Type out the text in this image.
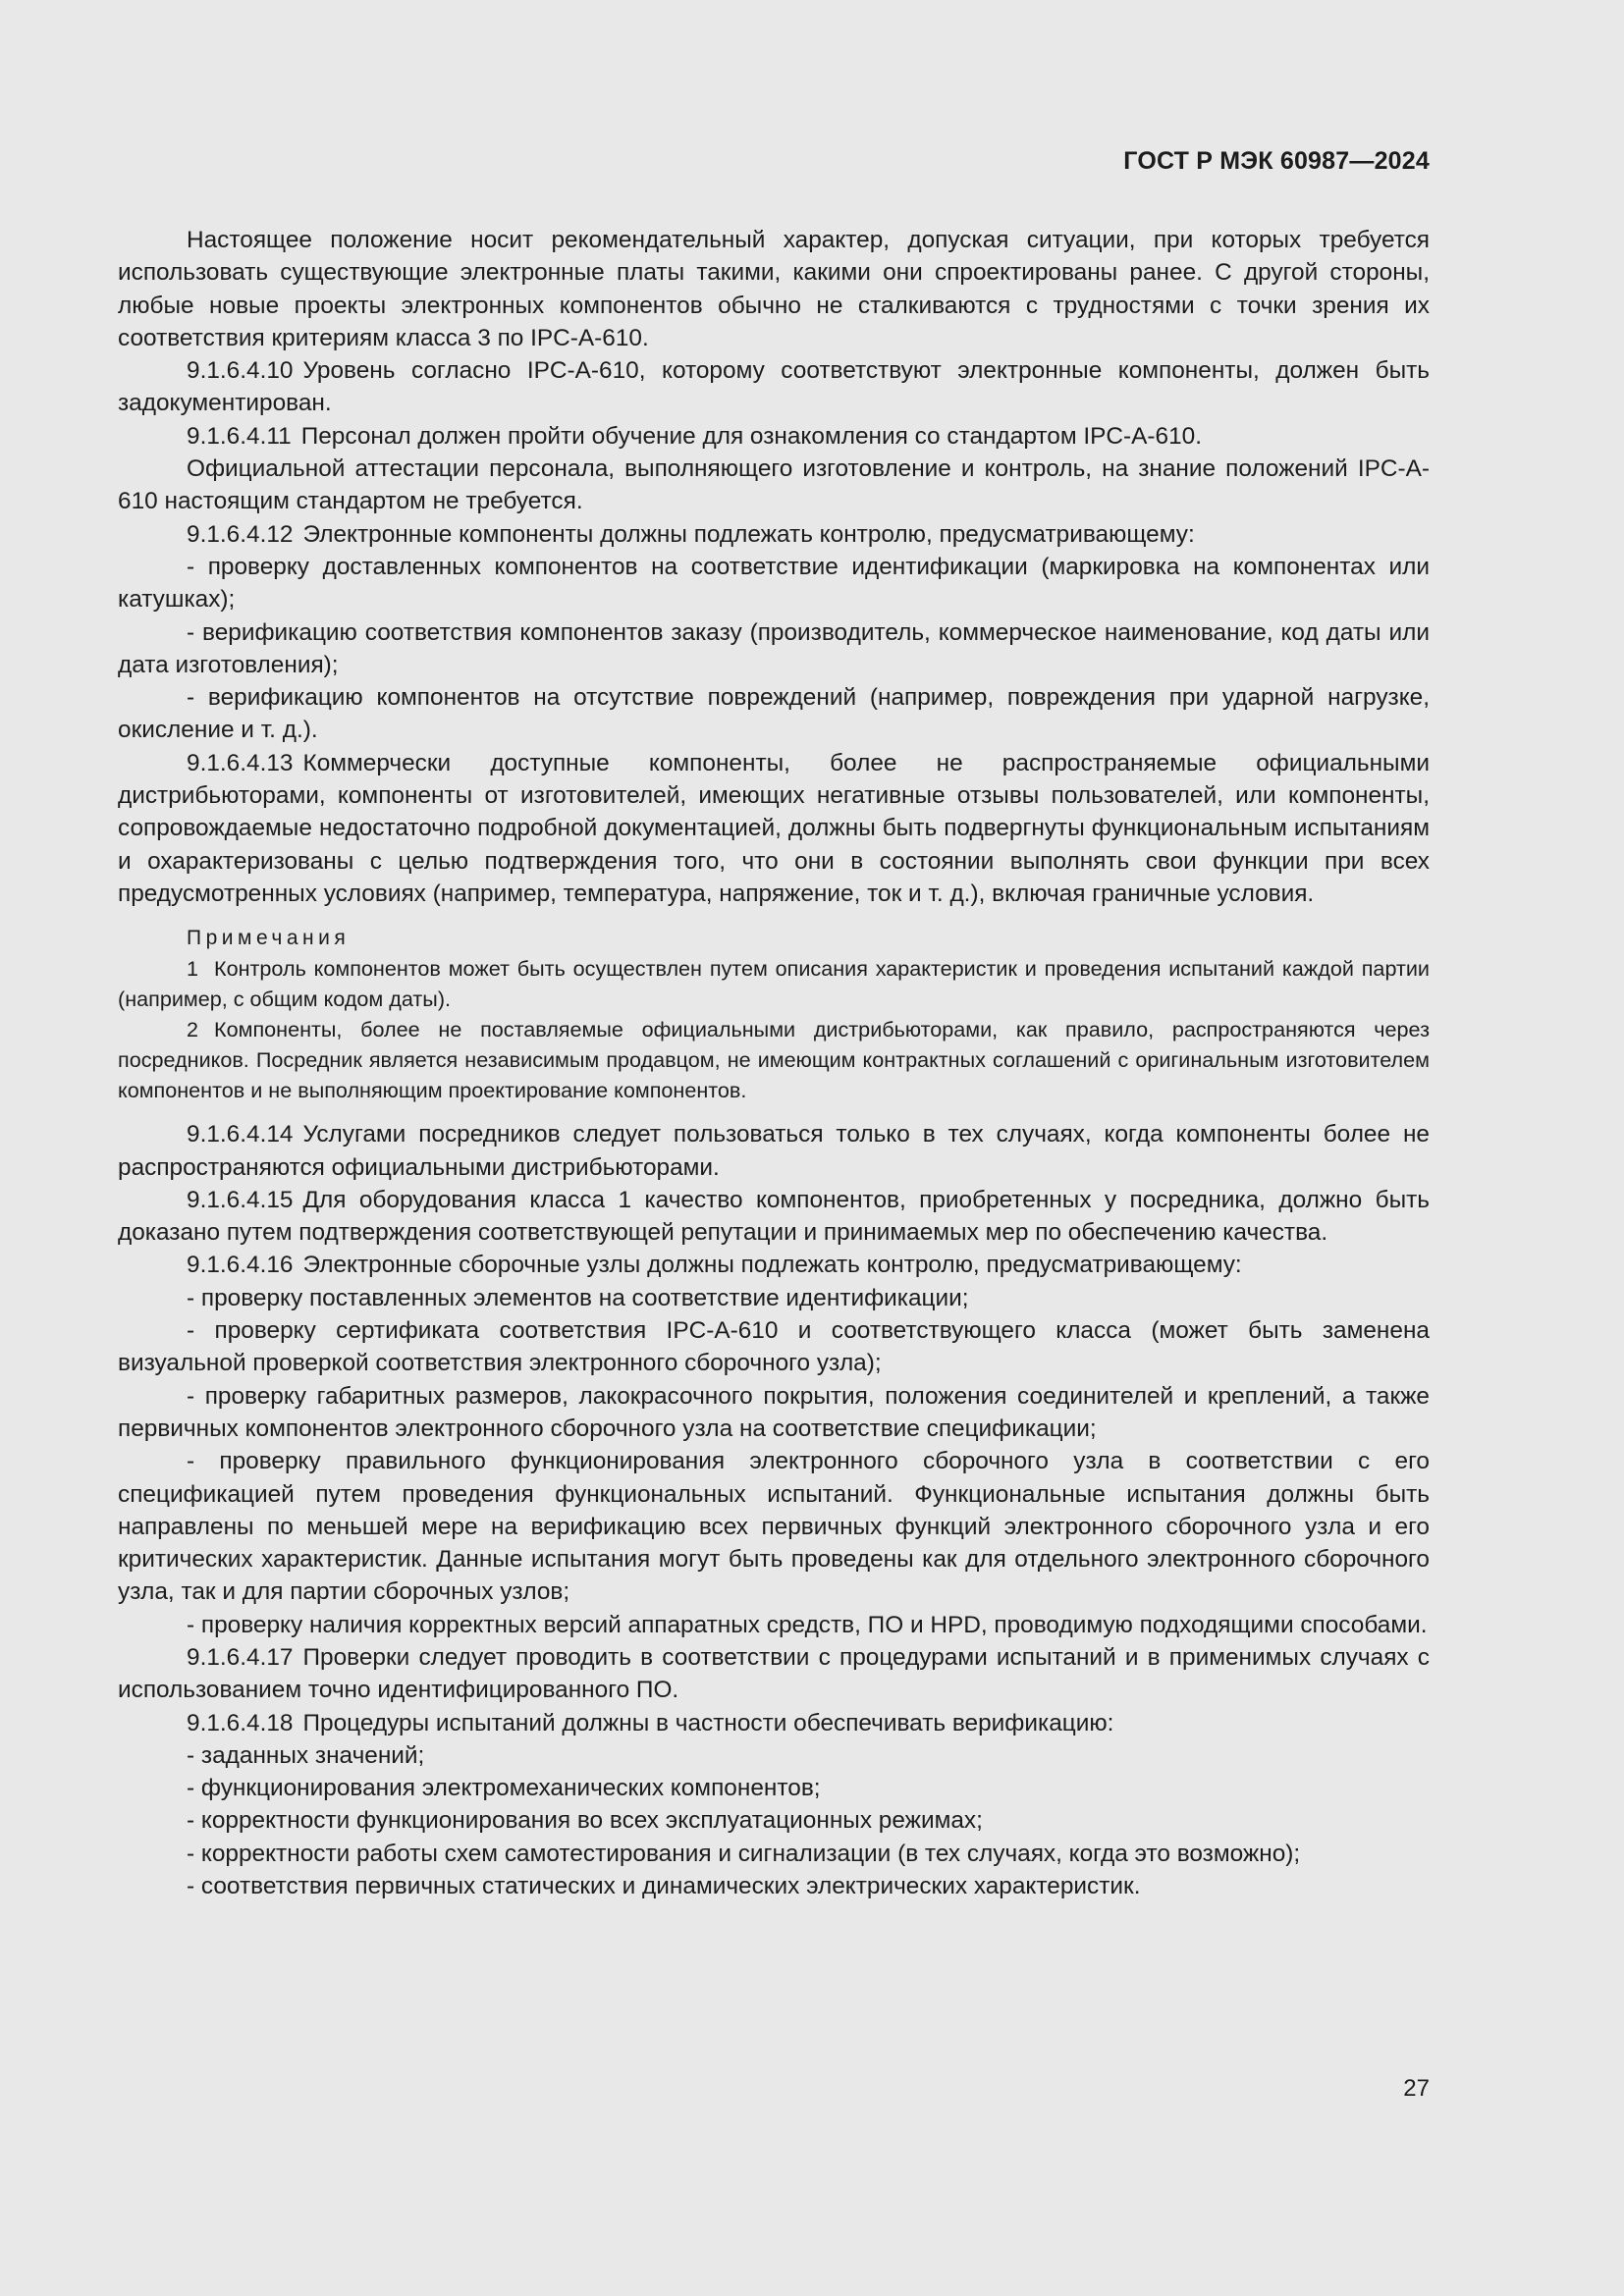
ГОСТ Р МЭК 60987—2024

Настоящее положение носит рекомендательный характер, допуская ситуации, при которых требуется использовать существующие электронные платы такими, какими они спроектированы ранее. С другой стороны, любые новые проекты электронных компонентов обычно не сталкиваются с трудностями с точки зрения их соответствия критериям класса 3 по IPC-A-610.

9.1.6.4.10 Уровень согласно IPC-A-610, которому соответствуют электронные компоненты, должен быть задокументирован.

9.1.6.4.11 Персонал должен пройти обучение для ознакомления со стандартом IPC-A-610.

Официальной аттестации персонала, выполняющего изготовление и контроль, на знание положений IPC-A-610 настоящим стандартом не требуется.

9.1.6.4.12 Электронные компоненты должны подлежать контролю, предусматривающему:

- проверку доставленных компонентов на соответствие идентификации (маркировка на компонентах или катушках);

- верификацию соответствия компонентов заказу (производитель, коммерческое наименование, код даты или дата изготовления);

- верификацию компонентов на отсутствие повреждений (например, повреждения при ударной нагрузке, окисление и т. д.).

9.1.6.4.13 Коммерчески доступные компоненты, более не распространяемые официальными дистрибьюторами, компоненты от изготовителей, имеющих негативные отзывы пользователей, или компоненты, сопровождаемые недостаточно подробной документацией, должны быть подвергнуты функциональным испытаниям и охарактеризованы с целью подтверждения того, что они в состоянии выполнять свои функции при всех предусмотренных условиях (например, температура, напряжение, ток и т. д.), включая граничные условия.

Примечания

1 Контроль компонентов может быть осуществлен путем описания характеристик и проведения испытаний каждой партии (например, с общим кодом даты).

2 Компоненты, более не поставляемые официальными дистрибьюторами, как правило, распространяются через посредников. Посредник является независимым продавцом, не имеющим контрактных соглашений с оригинальным изготовителем компонентов и не выполняющим проектирование компонентов.

9.1.6.4.14 Услугами посредников следует пользоваться только в тех случаях, когда компоненты более не распространяются официальными дистрибьюторами.

9.1.6.4.15 Для оборудования класса 1 качество компонентов, приобретенных у посредника, должно быть доказано путем подтверждения соответствующей репутации и принимаемых мер по обеспечению качества.

9.1.6.4.16 Электронные сборочные узлы должны подлежать контролю, предусматривающему:

- проверку поставленных элементов на соответствие идентификации;

- проверку сертификата соответствия IPC-A-610 и соответствующего класса (может быть заменена визуальной проверкой соответствия электронного сборочного узла);

- проверку габаритных размеров, лакокрасочного покрытия, положения соединителей и креплений, а также первичных компонентов электронного сборочного узла на соответствие спецификации;

- проверку правильного функционирования электронного сборочного узла в соответствии с его спецификацией путем проведения функциональных испытаний. Функциональные испытания должны быть направлены по меньшей мере на верификацию всех первичных функций электронного сборочного узла и его критических характеристик. Данные испытания могут быть проведены как для отдельного электронного сборочного узла, так и для партии сборочных узлов;

- проверку наличия корректных версий аппаратных средств, ПО и HPD, проводимую подходящими способами.

9.1.6.4.17 Проверки следует проводить в соответствии с процедурами испытаний и в применимых случаях с использованием точно идентифицированного ПО.

9.1.6.4.18 Процедуры испытаний должны в частности обеспечивать верификацию:

- заданных значений;

- функционирования электромеханических компонентов;

- корректности функционирования во всех эксплуатационных режимах;

- корректности работы схем самотестирования и сигнализации (в тех случаях, когда это возможно);

- соответствия первичных статических и динамических электрических характеристик.

27
